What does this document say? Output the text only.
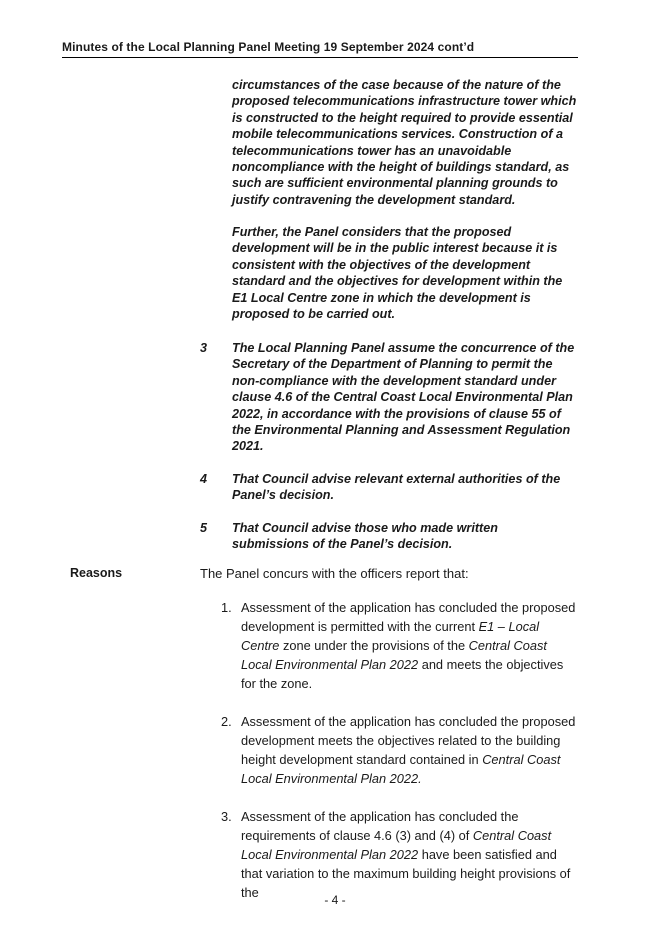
Minutes of the Local Planning Panel Meeting 19 September 2024 cont’d

circumstances of the case because of the nature of the proposed telecommunications infrastructure tower which is constructed to the height required to provide essential mobile telecommunications services. Construction of a telecommunications tower has an unavoidable noncompliance with the height of buildings standard, as such are sufficient environmental planning grounds to justify contravening the development standard.

Further, the Panel considers that the proposed development will be in the public interest because it is consistent with the objectives of the development standard and the objectives for development within the E1 Local Centre zone in which the development is proposed to be carried out.

3 The Local Planning Panel assume the concurrence of the Secretary of the Department of Planning to permit the non-compliance with the development standard under clause 4.6 of the Central Coast Local Environmental Plan 2022, in accordance with the provisions of clause 55 of the Environmental Planning and Assessment Regulation 2021.
4 That Council advise relevant external authorities of the Panel’s decision.
5 That Council advise those who made written submissions of the Panel’s decision.
Reasons	The Panel concurs with the officers report that:
1. Assessment of the application has concluded the proposed development is permitted with the current E1 – Local Centre zone under the provisions of the Central Coast Local Environmental Plan 2022 and meets the objectives for the zone.
2. Assessment of the application has concluded the proposed development meets the objectives related to the building height development standard contained in Central Coast Local Environmental Plan 2022.
3. Assessment of the application has concluded the requirements of clause 4.6 (3) and (4) of Central Coast Local Environmental Plan 2022 have been satisfied and that variation to the maximum building height provisions of the	- 4 -
